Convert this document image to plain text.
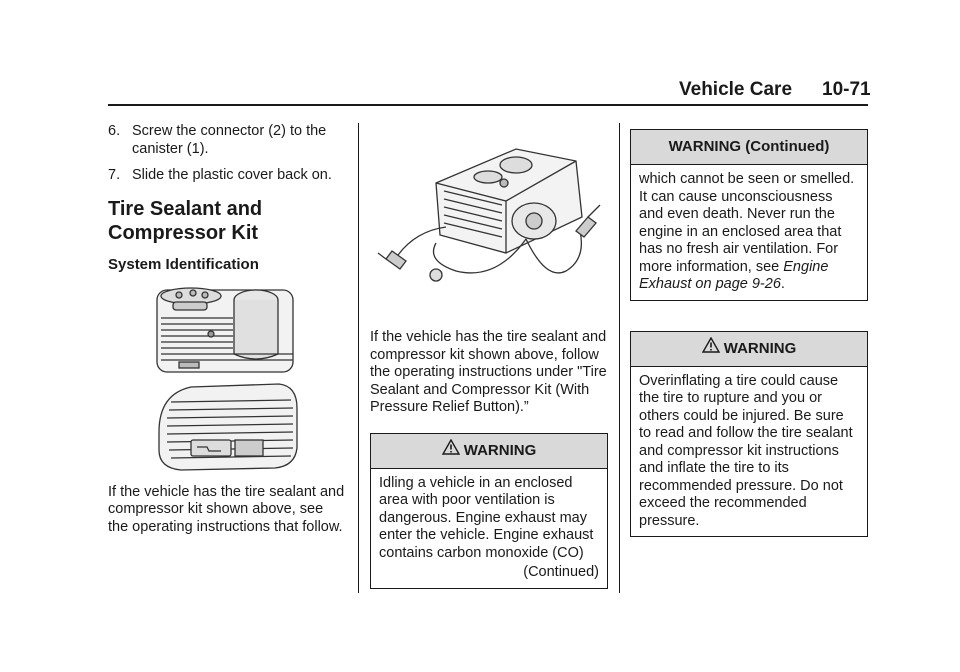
Vehicle Care 10-71
6. Screw the connector (2) to the canister (1).
7. Slide the plastic cover back on.
Tire Sealant and Compressor Kit
System Identification

If the vehicle has the tire sealant and compressor kit shown above, see the operating instructions that follow.

If the vehicle has the tire sealant and compressor kit shown above, follow the operating instructions under "Tire Sealant and Compressor Kit (With Pressure Relief Button).”

WARNING
Idling a vehicle in an enclosed area with poor ventilation is dangerous. Engine exhaust may enter the vehicle. Engine exhaust contains carbon monoxide (CO)
(Continued)
WARNING (Continued)
which cannot be seen or smelled. It can cause unconsciousness and even death. Never run the engine in an enclosed area that has no fresh air ventilation. For more information, see Engine Exhaust on page 9-26.
WARNING
Overinflating a tire could cause the tire to rupture and you or others could be injured. Be sure to read and follow the tire sealant and compressor kit instructions and inflate the tire to its recommended pressure. Do not exceed the recommended pressure.
